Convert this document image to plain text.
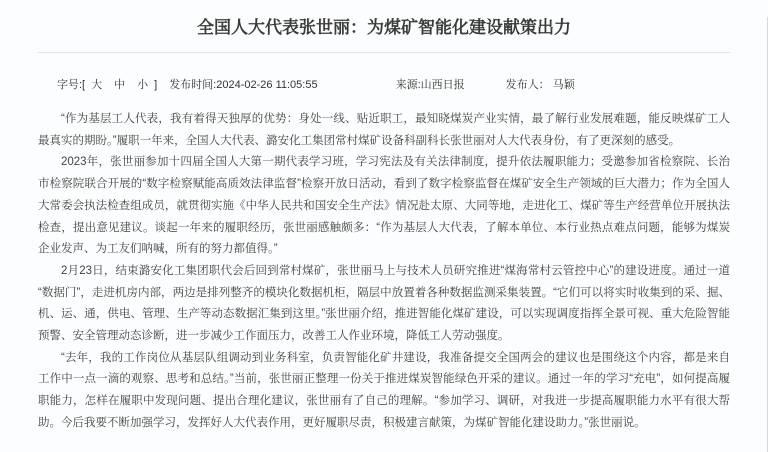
全国人大代表张世丽：为煤矿智能化建设献策出力
字号:[ 大 中 小 ] 发布时间:2024-02-26 11:05:55	来源:山西日报	发布人： 马颖

“作为基层工人代表，我有着得天独厚的优势：身处一线、贴近职工，最知晓煤炭产业实情，最了解行业发展难题，能反映煤矿工人最真实的期盼。”履职一年来，全国人大代表、潞安化工集团常村煤矿设备科副科长张世丽对人大代表身份，有了更深刻的感受。

2023年，张世丽参加十四届全国人大第一期代表学习班，学习宪法及有关法律制度，提升依法履职能力；受邀参加省检察院、长治市检察院联合开展的“数字检察赋能高质效法律监督”检察开放日活动，看到了数字检察监督在煤矿安全生产领域的巨大潜力；作为全国人大常委会执法检查组成员，就贯彻实施《中华人民共和国安全生产法》情况赴太原、大同等地，走进化工、煤矿等生产经营单位开展执法检查，提出意见建议。谈起一年来的履职经历，张世丽感触颇多：“作为基层人大代表，了解本单位、本行业热点难点问题，能够为煤炭企业发声、为工友们呐喊，所有的努力都值得。”

2月23日，结束潞安化工集团职代会后回到常村煤矿，张世丽马上与技术人员研究推进“煤海常村云管控中心”的建设进度。通过一道“数据门”，走进机房内部，两边是排列整齐的模块化数据机柜，隔层中放置着各种数据监测采集装置。“它们可以将实时收集到的采、掘、机、运、通，供电、管理、生产等动态数据汇集到这里。”张世丽介绍，推进智能化煤矿建设，可以实现调度指挥全景可视、重大危险智能预警、安全管理动态诊断，进一步减少工作面压力，改善工人作业环境，降低工人劳动强度。

“去年，我的工作岗位从基层队组调动到业务科室，负责智能化矿井建设，我准备提交全国两会的建议也是围绕这个内容，都是来自工作中一点一滴的观察、思考和总结。”当前，张世丽正整理一份关于推进煤炭智能绿色开采的建议。通过一年的学习“充电”，如何提高履职能力，怎样在履职中发现问题、提出合理化建议，张世丽有了自己的理解。“参加学习、调研，对我进一步提高履职能力水平有很大帮助。今后我要不断加强学习，发挥好人大代表作用，更好履职尽责，积极建言献策，为煤矿智能化建设助力。”张世丽说。
